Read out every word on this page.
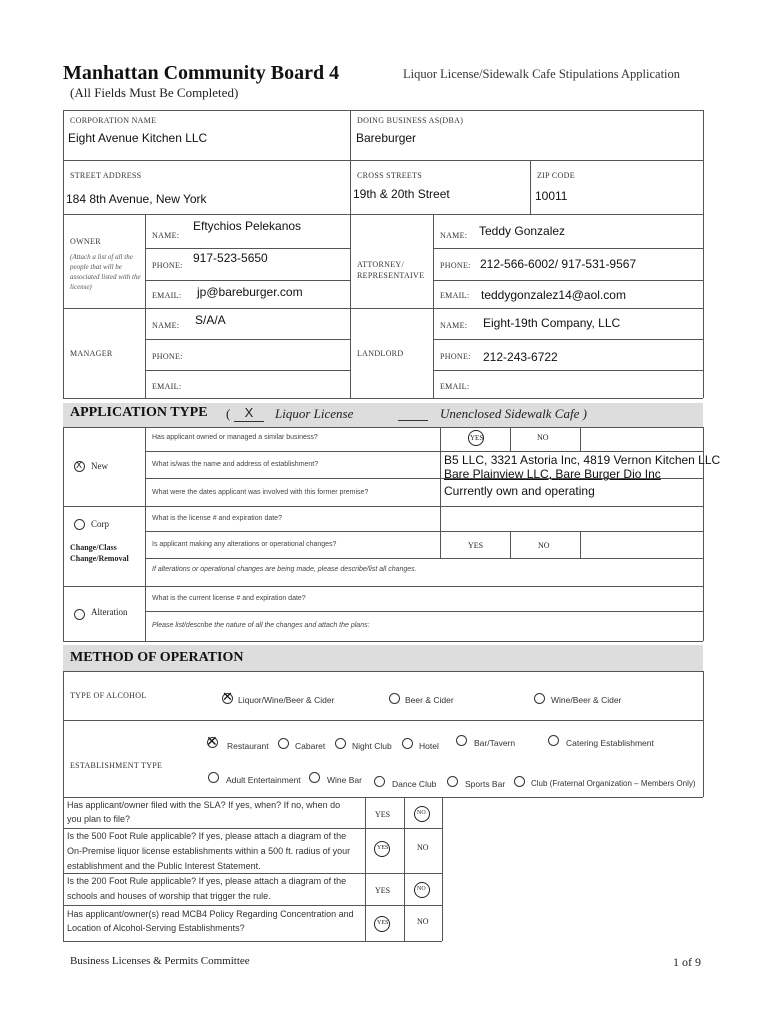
Manhattan Community Board 4
(All Fields Must Be Completed)
Liquor License/Sidewalk Cafe Stipulations Application
CORPORATION NAME
Eight Avenue Kitchen LLC
DOING BUSINESS AS(DBA)
Bareburger
STREET ADDRESS
184 8th Avenue, New York
CROSS STREETS
19th & 20th Street
ZIP CODE
10011
OWNER
(Attach a list of all the people that will be associated listed with the license)
NAME:
Eftychios Pelekanos
PHONE:
917-523-5650
EMAIL: jp@bareburger.com
ATTORNEY/ REPRESENTAIVE
NAME: Teddy Gonzalez
PHONE: 212-566-6002/ 917-531-9567
EMAIL: teddygonzalez14@aol.com
MANAGER
NAME: S/A/A
PHONE:
EMAIL:
LANDLORD
NAME: Eight-19th Company, LLC
PHONE: 212-243-6722
EMAIL:
APPLICATION TYPE (	X	Liquor License	Unenclosed Sidewalk Cafe )
Has applicant owned or managed a similar business?	YES	NO
X New	What is/was the name and address of establishment?	B5 LLC, 3321 Astoria Inc, 4819 Vernon Kitchen LLC
Bare Plainview LLC, Bare Burger Dio Inc
What were the dates applicant was involved with this former premise?	Currently own and operating
Corp
What is the license # and expiration date?
Change/Class Change/Removal
Is applicant making any alterations or operational changes?	YES	NO
If alterations or operational changes are being made, please describe/list all changes.
What is the current license # and expiration date?
Alteration
Please list/describe the nature of all the changes and attach the plans:
METHOD OF OPERATION
TYPE OF ALCOHOL	✕ Liquor/Wine/Beer & Cider	Beer & Cider	Wine/Beer & Cider
ESTABLISHMENT TYPE
✕ Restaurant	Cabaret	Night Club	Hotel	Bar/Tavern	Catering Establishment
Adult Entertainment	Wine Bar	Dance Club	Sports Bar	Club (Fraternal Organization – Members Only)
Has applicant/owner filed with the SLA? If yes, when? If no, when do you plan to file?	YES	NO
Is the 500 Foot Rule applicable? If yes, please attach a diagram of the On-Premise liquor license establishments within a 500 ft. radius of your establishment and the Public Interest Statement.
YES	NO
Is the 200 Foot Rule applicable? If yes, please attach a diagram of the schools and houses of worship that trigger the rule.
YES	NO
Has applicant/owner(s) read MCB4 Policy Regarding Concentration and Location of Alcohol-Serving Establishments?	YES	NO
Business Licenses & Permits Committee	1 of 9
